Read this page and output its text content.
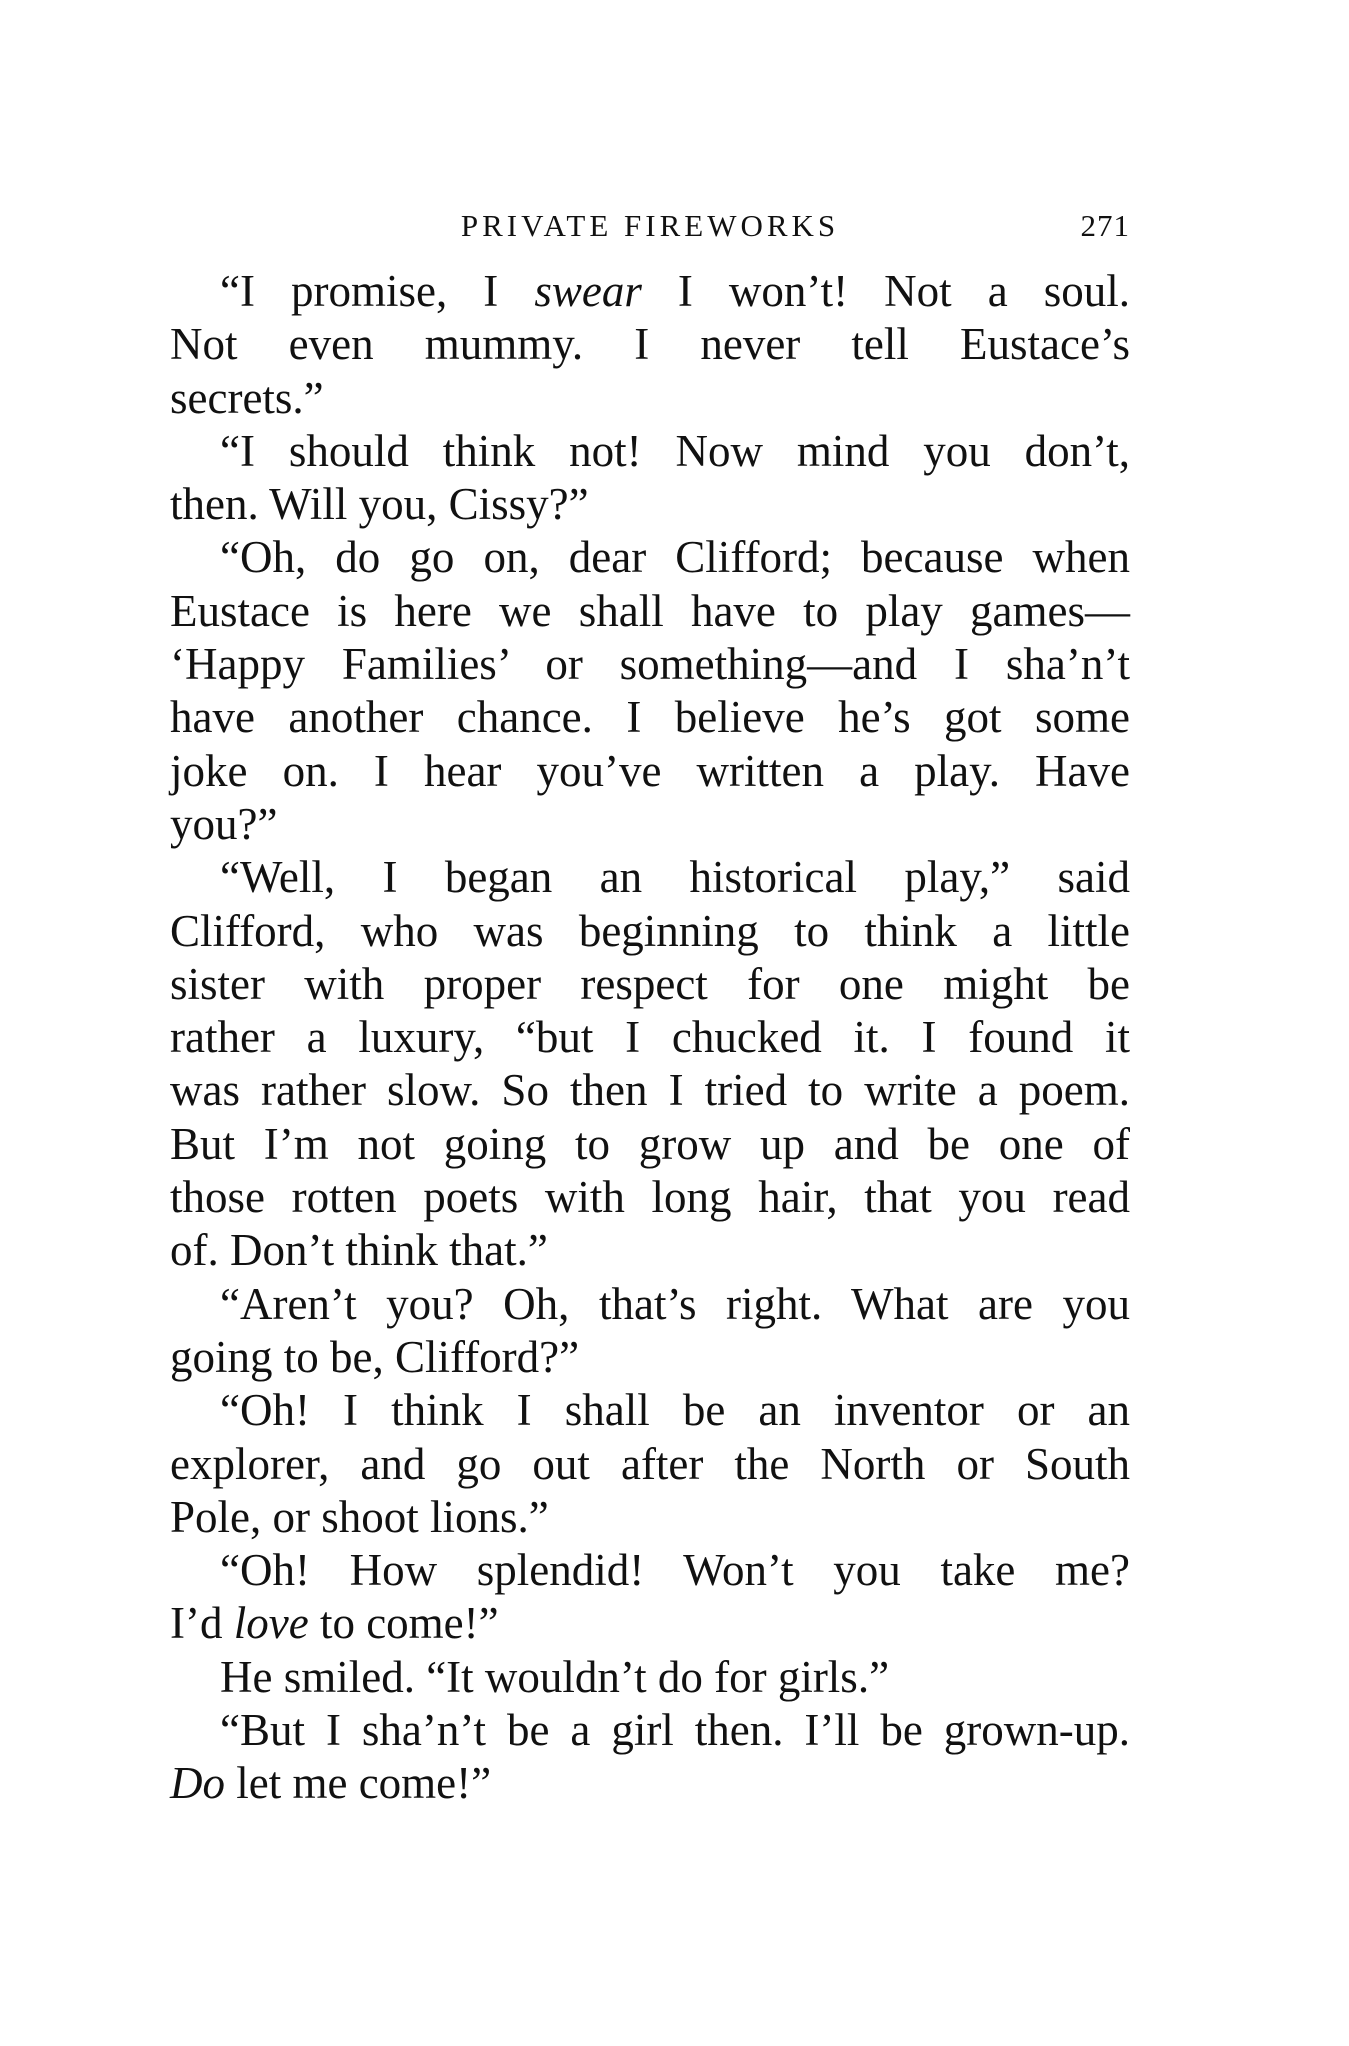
PRIVATE FIREWORKS	271
“I promise, I swear I won’t! Not a soul.
Not even mummy. I never tell Eustace’s
secrets.”
“I should think not! Now mind you don’t,
then. Will you, Cissy?”
“Oh, do go on, dear Clifford; because when
Eustace is here we shall have to play games—
‘Happy Families’ or something—and I sha’n’t
have another chance. I believe he’s got some
joke on. I hear you’ve written a play. Have
you?”
“Well, I began an historical play,” said
Clifford, who was beginning to think a little
sister with proper respect for one might be
rather a luxury, “but I chucked it. I found it
was rather slow. So then I tried to write a poem.
But I’m not going to grow up and be one of
those rotten poets with long hair, that you read
of. Don’t think that.”
“Aren’t you? Oh, that’s right. What are you
going to be, Clifford?”
“Oh! I think I shall be an inventor or an
explorer, and go out after the North or South
Pole, or shoot lions.”
“Oh! How splendid! Won’t you take me?
I’d love to come!”
He smiled. “It wouldn’t do for girls.”
“But I sha’n’t be a girl then. I’ll be grown-up.
Do let me come!”
